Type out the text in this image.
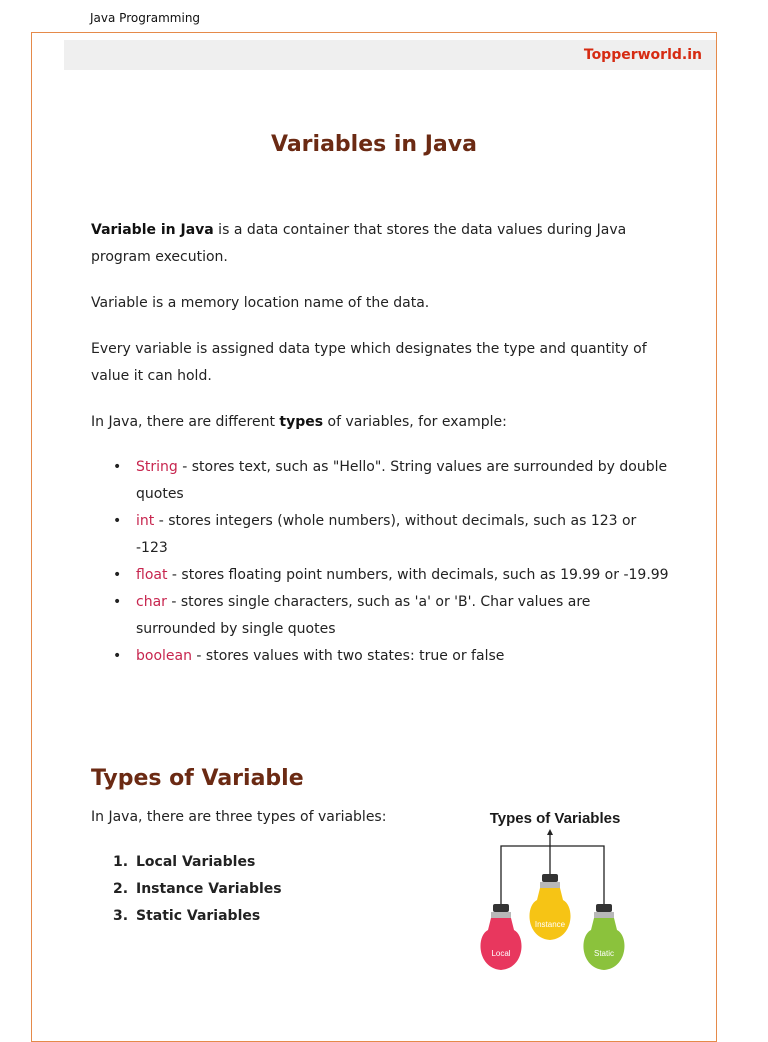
Java Programming
Topperworld.in
Variables in Java

Variable in Java is a data container that stores the data values during Java program execution.

Variable is a memory location name of the data.

Every variable is assigned data type which designates the type and quantity of value it can hold.

In Java, there are different types of variables, for example:

• String - stores text, such as "Hello". String values are surrounded by double quotes
• int - stores integers (whole numbers), without decimals, such as 123 or -123
• float - stores floating point numbers, with decimals, such as 19.99 or -19.99
• char - stores single characters, such as 'a' or 'B'. Char values are surrounded by single quotes
• boolean - stores values with two states: true or false
Types of Variable

In Java, there are three types of variables:

1. Local Variables
2. Instance Variables
3. Static Variables
Types of Variables
Local
Instance
Static
